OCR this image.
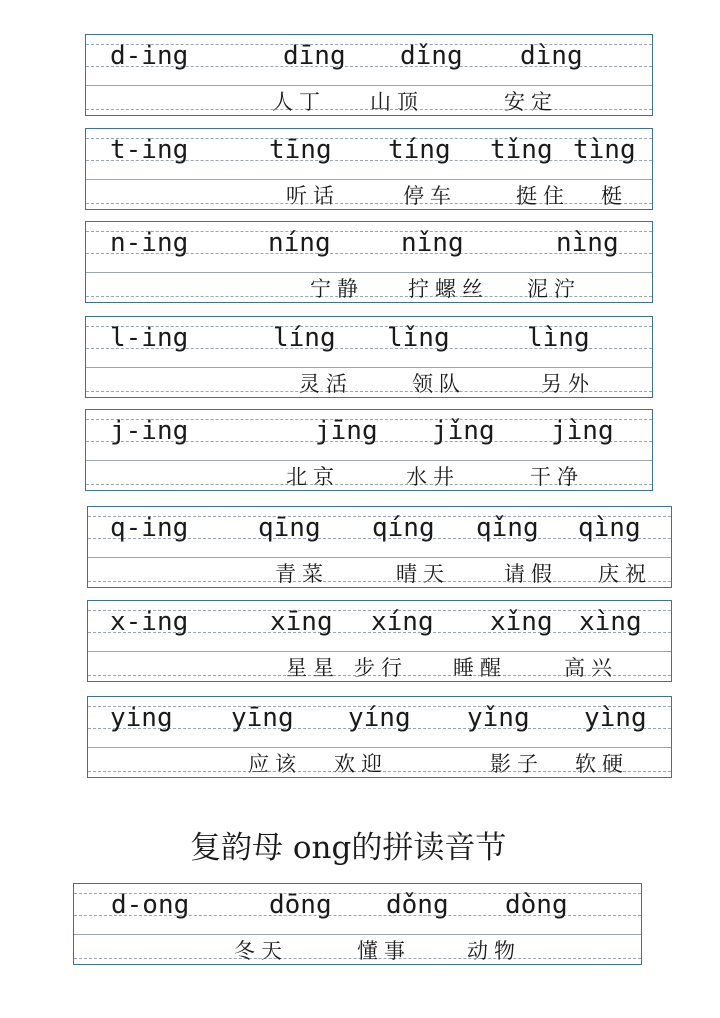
d-ing	dīng dǐng dìng
人丁 山顶	安定
t-ing	tīng tíng tǐng tìng
听话	停车	挺住 梃
n-ing	níng	nǐng	nìng
宁静 拧螺丝 泥泞
l-ing	líng lǐng	lìng
灵活	领队	另外
j-ing	jīng jǐng jìng
北京	水井	干净
q-ing	qīng qíng qǐng qìng
青菜	晴天	请假 庆祝
x-ing	xīng xíng xǐng xìng
星星 步行 睡醒	高兴
ying yīng yíng yǐng yìng
应该 欢迎	影子 软硬
复韵母 ong的拼读音节
d-ong	dōng dǒng dòng
冬天	懂事	动物
